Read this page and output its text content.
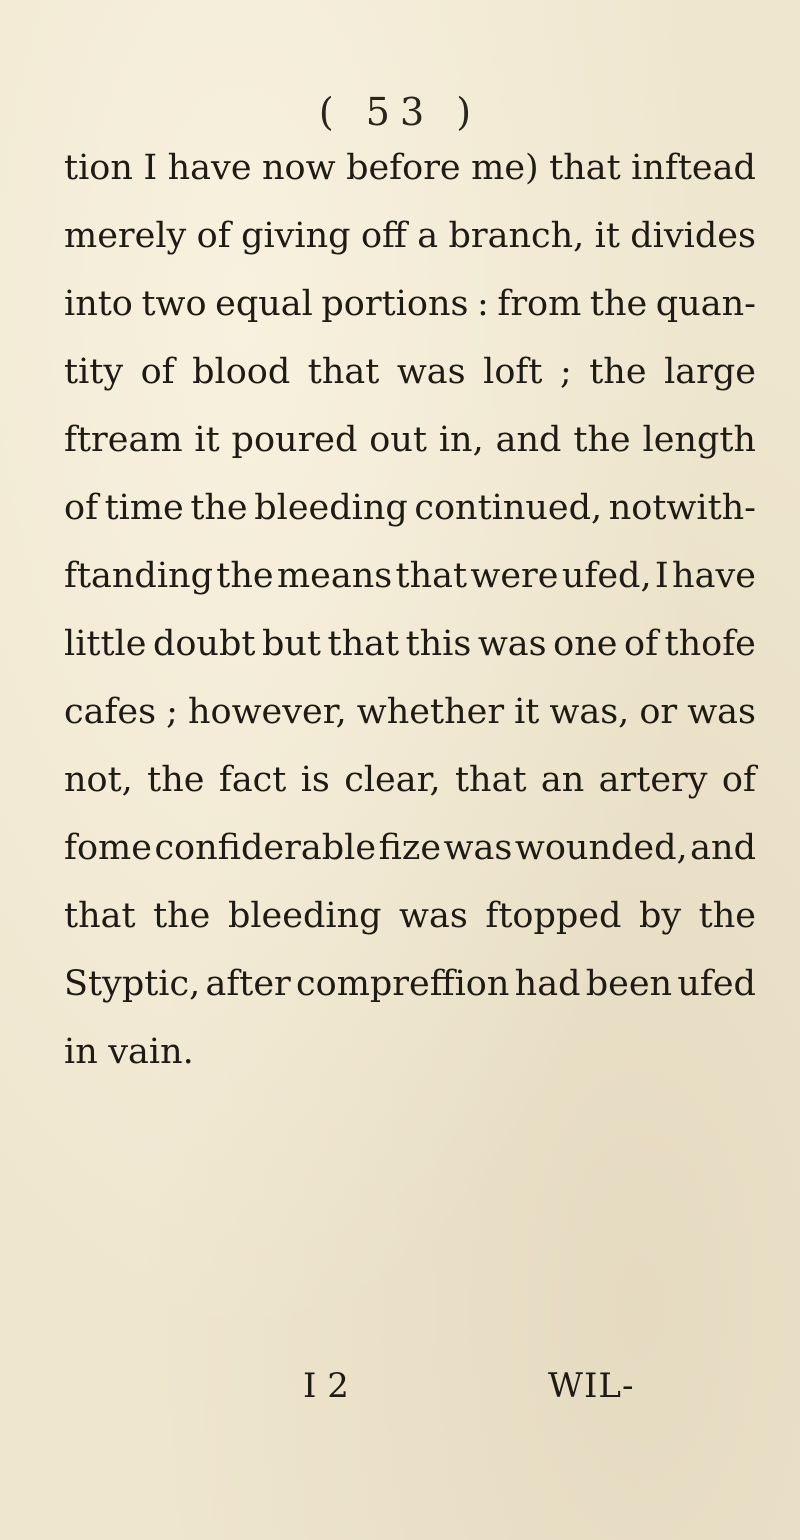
( 53 )
tion I have now before me) that inftead
merely of giving off a branch, it divides
into two equal portions : from the quan-
tity of blood that was loft ; the large
ftream it poured out in, and the length
of time the bleeding continued, notwith-
ftanding the means that were ufed, I have
little doubt but that this was one of thofe
cafes ; however, whether it was, or was
not, the fact is clear, that an artery of
fome confiderable fize was wounded, and
that the bleeding was ftopped by the
Styptic, after compreffion had been ufed
in vain.
I 2	WIL-
